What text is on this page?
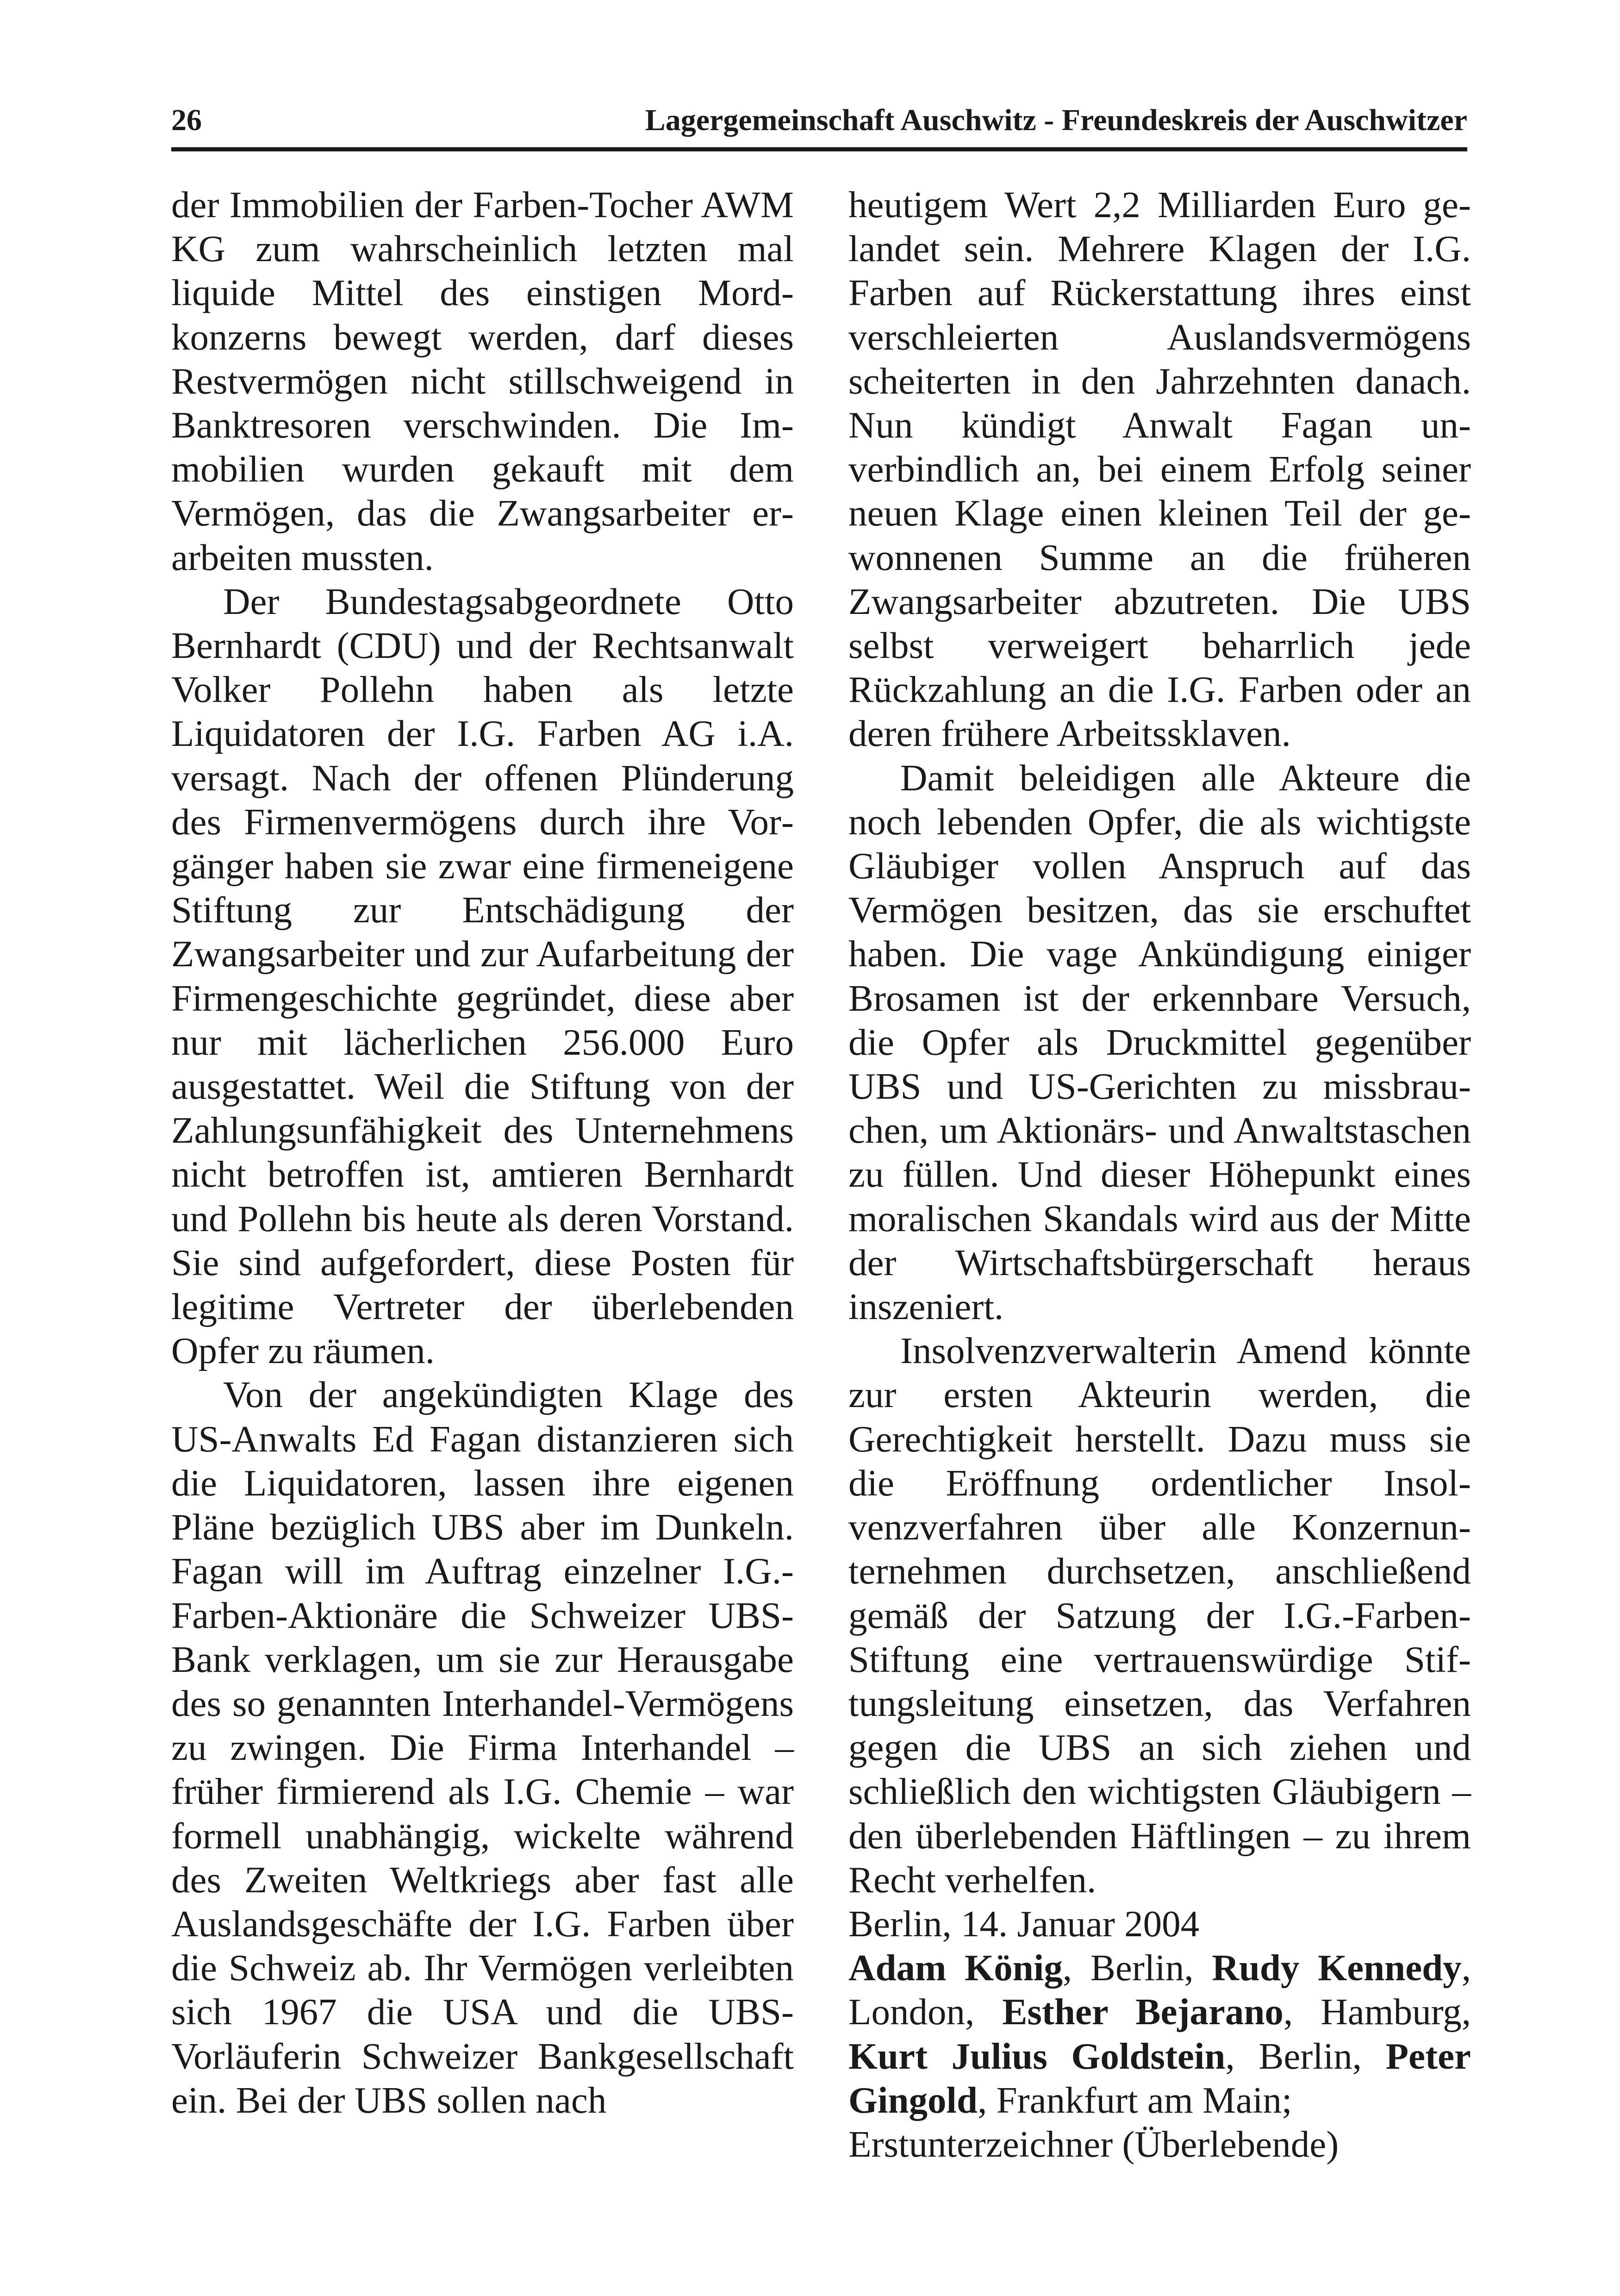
26	Lagergemeinschaft Auschwitz - Freundeskreis der Auschwitzer

der Immobilien der Farben-Tocher AWM KG zum wahrscheinlich letzten mal liquide Mittel des einstigen Mordkonzerns bewegt werden, darf dieses Restvermögen nicht stillschweigend in Banktresoren verschwinden. Die Immobilien wurden gekauft mit dem Vermögen, das die Zwangsarbeiter erarbeiten mussten.

Der Bundestagsabgeordnete Otto Bernhardt (CDU) und der Rechtsanwalt Volker Pollehn haben als letzte Liquidatoren der I.G. Farben AG i.A. versagt. Nach der offenen Plünderung des Firmenvermögens durch ihre Vorgänger haben sie zwar eine firmeneigene Stiftung zur Entschädigung der Zwangsarbeiter und zur Aufarbeitung der Firmengeschichte gegründet, diese aber nur mit lächerlichen 256.000 Euro ausgestattet. Weil die Stiftung von der Zahlungsunfähigkeit des Unternehmens nicht betroffen ist, amtieren Bernhardt und Pollehn bis heute als deren Vorstand. Sie sind aufgefordert, diese Posten für legitime Vertreter der überlebenden Opfer zu räumen.

Von der angekündigten Klage des US-Anwalts Ed Fagan distanzieren sich die Liquidatoren, lassen ihre eigenen Pläne bezüglich UBS aber im Dunkeln. Fagan will im Auftrag einzelner I.G.-Farben-Aktionäre die Schweizer UBS-Bank verklagen, um sie zur Herausgabe des so genannten Interhandel-Vermögens zu zwingen. Die Firma Interhandel – früher firmierend als I.G. Chemie – war formell unabhängig, wickelte während des Zweiten Weltkriegs aber fast alle Auslandsgeschäfte der I.G. Farben über die Schweiz ab. Ihr Vermögen verleibten sich 1967 die USA und die UBS-Vorläuferin Schweizer Bankgesellschaft ein. Bei der UBS sollen nach

heutigem Wert 2,2 Milliarden Euro gelandet sein. Mehrere Klagen der I.G. Farben auf Rückerstattung ihres einst verschleierten Auslandsvermögens scheiterten in den Jahrzehnten danach. Nun kündigt Anwalt Fagan unverbindlich an, bei einem Erfolg seiner neuen Klage einen kleinen Teil der gewonnenen Summe an die früheren Zwangsarbeiter abzutreten. Die UBS selbst verweigert beharrlich jede Rückzahlung an die I.G. Farben oder an deren frühere Arbeitssklaven.

Damit beleidigen alle Akteure die noch lebenden Opfer, die als wichtigste Gläubiger vollen Anspruch auf das Vermögen besitzen, das sie erschuftet haben. Die vage Ankündigung einiger Brosamen ist der erkennbare Versuch, die Opfer als Druckmittel gegenüber UBS und US-Gerichten zu missbrauchen, um Aktionärs- und Anwaltstaschen zu füllen. Und dieser Höhepunkt eines moralischen Skandals wird aus der Mitte der Wirtschaftsbürgerschaft heraus inszeniert.

Insolvenzverwalterin Amend könnte zur ersten Akteurin werden, die Gerechtigkeit herstellt. Dazu muss sie die Eröffnung ordentlicher Insolvenzverfahren über alle Konzernunternehmen durchsetzen, anschließend gemäß der Satzung der I.G.-Farben-Stiftung eine vertrauenswürdige Stiftungsleitung einsetzen, das Verfahren gegen die UBS an sich ziehen und schließlich den wichtigsten Gläubigern – den überlebenden Häftlingen – zu ihrem Recht verhelfen.

Berlin, 14. Januar 2004

Adam König, Berlin, Rudy Kennedy, London, Esther Bejarano, Hamburg, Kurt Julius Goldstein, Berlin, Peter Gingold, Frankfurt am Main;
Erstunterzeichner (Überlebende)
